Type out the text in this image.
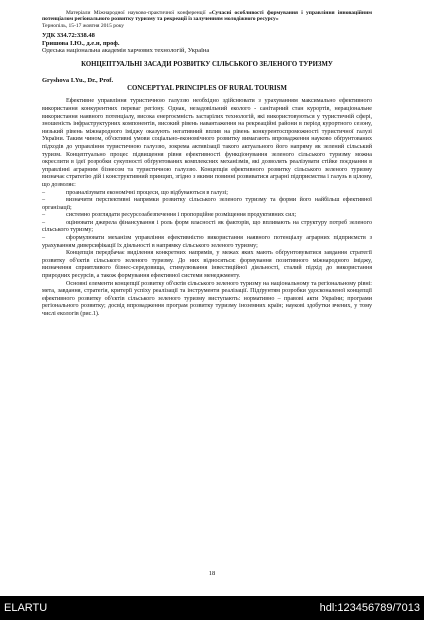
Матеріали Міжнародної науково-практичної конференції «Сучасні особливості формування і управління інноваційним потенціалом регіонального розвитку туризму та рекреації із залученням молодіжного ресурсу»
Тернопіль, 15-17 жовтня 2015 року
УДК 334.72:338.48
Гришова І.Ю., д.е.н, проф.
Одеська національна академія харчових технологій, Україна
КОНЦЕПТУАЛЬНІ ЗАСАДИ РОЗВИТКУ СІЛЬСЬКОГО ЗЕЛЕНОГО ТУРИЗМУ
Gryshova I.Yu., Dr., Prof.
CONCEPTYAL PRINCIPLES OF RURAL TOURISM

Ефективне управління туристичною галуззю необхідно здійснювати з урахуванням максимально ефективного використання конкурентних переваг регіону. Однак, незадовільний еколого - санітарний стан курортів, нераціональне використання наявного потенціалу, висока енергоємність застарілих технологій, які використовуються у туристичній сфері, зношеність інфраструктурних компонентів, високий рівень навантаження на рекреаційні райони в період курортного сезону, низький рівень міжнародного іміджу оказують негативний вплив на рівень конкурентоспроможності туристичної галузі України. Таким чином, об'єктивні умови соціально-економічного розвитку вимагають впровадження науково обґрунтованих підходів до управління туристичною галуззю, зокрема активізації такого актуального його напряму як зелений сільський туризм. Концептуально процес підвищення рівня ефективності функціонування зеленого сільського туризму можна окреслити в ідеї розробки сукупності обґрунтованих комплексних механізмів, які дозволять реалізувати стійке поєднання в управлінні аграрним бізнесом та туристичною галуззю. Концепція ефективного розвитку сільського зеленого туризму визначає стратегію дій і конструктивний принцип, згідно з якими повинні розвиватися аграрні підприємства і галузь в цілому, що дозволяє:

–	проаналізувати економічні процеси, що відбуваються в галузі;

–	визначити перспективні напрямки розвитку сільського зеленого туризму та форми його найбільш ефективної організації;

–	системно розглядати ресурсозабезпечення і пропорційне розміщення продуктивних сил;

–	оцінювати джерела фінансування і роль форм власності як факторів, що впливають на структуру потреб зеленого сільського туризму;

–	сформулювати механізм управління ефективністю використання наявного потенціалу аграрних підприємств з урахуванням диверсифікації їх діяльності в напрямку сільського зеленого туризму;

Концепція передбачає виділення конкретних напрямів, у межах яких мають обґрунтовуватися завдання стратегії розвитку об'єктів сільського зеленого туризму. До них відносяться: формування позитивного міжнародного іміджу, визначення сприятливого бізнес-середовища, стимулювання інвестиційної діяльності, сталий підхід до використання природних ресурсів, а також формування ефективної системи менеджменту.

Основні елементи концепції розвитку об'єктів сільського зеленого туризму на національному та регіональному рівні: мета, завдання, стратегія, критерії успіху реалізації та інструменти реалізації. Підґрунтям розробки удосконаленої концепції ефективного розвитку об'єктів сільського зеленого туризму виступають: нормативно – правові акти України; програми регіонального розвитку; досвід впровадження програм розвитку туризму іноземних країн; наукові здобутки вчених, у тому числі екологів (рис.1).

18
ELARTU	hdl:123456789/7013
